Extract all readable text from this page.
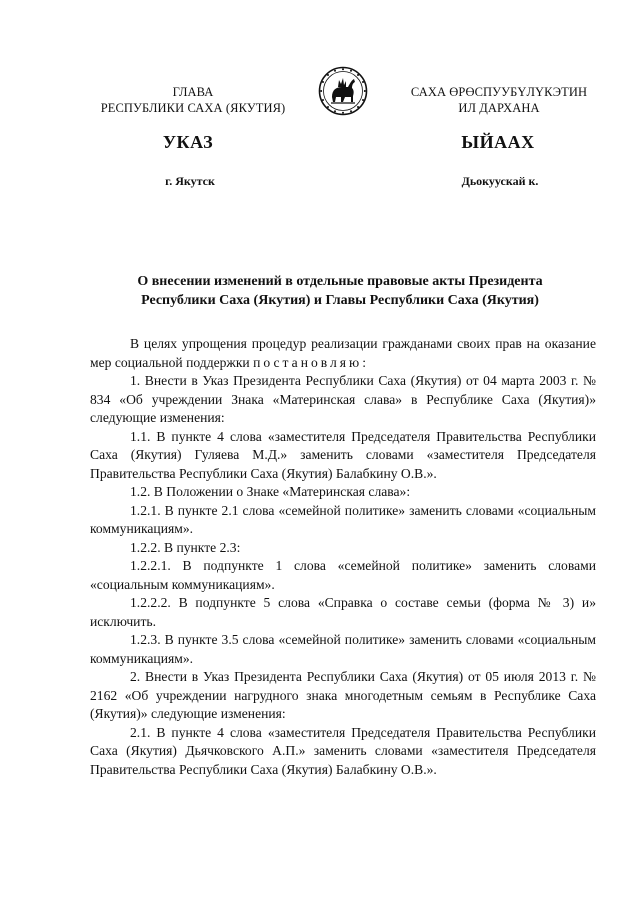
ГЛАВА
РЕСПУБЛИКИ САХА (ЯКУТИЯ)
САХА ӨРӨСПУУБҮЛҮКЭТИН
ИЛ ДАРХАНА
УКАЗ	ЫЙААХ
г. Якутск	Дьокуускай к.
О внесении изменений в отдельные правовые акты Президента
Республики Саха (Якутия) и Главы Республики Саха (Якутия)

В целях упрощения процедур реализации гражданами своих прав на оказание мер социальной поддержки постановляю:

1. Внести в Указ Президента Республики Саха (Якутия) от 04 марта 2003 г. № 834 «Об учреждении Знака «Материнская слава» в Республике Саха (Якутия)» следующие изменения:

1.1. В пункте 4 слова «заместителя Председателя Правительства Республики Саха (Якутия) Гуляева М.Д.» заменить словами «заместителя Председателя Правительства Республики Саха (Якутия) Балабкину О.В.».

1.2. В Положении о Знаке «Материнская слава»:

1.2.1. В пункте 2.1 слова «семейной политике» заменить словами «социальным коммуникациям».

1.2.2. В пункте 2.3:

1.2.2.1. В подпункте 1 слова «семейной политике» заменить словами «социальным коммуникациям».

1.2.2.2. В подпункте 5 слова «Справка о составе семьи (форма № 3) и» исключить.

1.2.3. В пункте 3.5 слова «семейной политике» заменить словами «социальным коммуникациям».

2. Внести в Указ Президента Республики Саха (Якутия) от 05 июля 2013 г. № 2162 «Об учреждении нагрудного знака многодетным семьям в Республике Саха (Якутия)» следующие изменения:

2.1. В пункте 4 слова «заместителя Председателя Правительства Республики Саха (Якутия) Дьячковского А.П.» заменить словами «заместителя Председателя Правительства Республики Саха (Якутия) Балабкину О.В.».
